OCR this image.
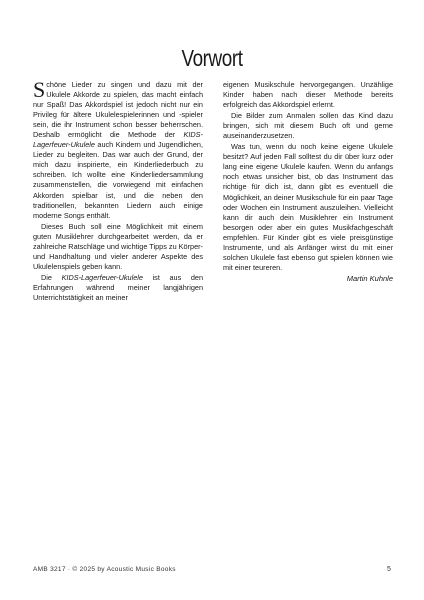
Vorwort

Schöne Lieder zu singen und dazu mit der Ukulele Akkorde zu spielen, das macht einfach nur Spaß! Das Akkordspiel ist jedoch nicht nur ein Privileg für ältere Ukulelespielerinnen und -spieler sein, die ihr Instrument schon besser beherrschen. Deshalb ermöglicht die Methode der KIDS-Lagerfeuer-Ukulele auch Kindern und Jugendlichen, Lieder zu begleiten. Das war auch der Grund, der mich dazu inspirierte, ein Kinderliederbuch zu schreiben. Ich wollte eine Kinderliedersammlung zusammenstellen, die vorwiegend mit einfachen Akkorden spielbar ist, und die neben den traditionellen, bekannten Liedern auch einige moderne Songs enthält.

Dieses Buch soll eine Möglichkeit mit einem guten Musiklehrer durchgearbeitet werden, da er zahlreiche Ratschläge und wichtige Tipps zu Körper- und Handhaltung und vieler anderer Aspekte des Ukulelenspiels geben kann.

Die KIDS-Lagerfeuer-Ukulele ist aus den Erfahrungen während meiner langjährigen Unterrichtstätigkeit an meiner

eigenen Musikschule hervorgegangen. Unzählige Kinder haben nach dieser Methode bereits erfolgreich das Akkordspiel erlernt.

Die Bilder zum Anmalen sollen das Kind dazu bringen, sich mit diesem Buch oft und gerne auseinanderzusetzen.

Was tun, wenn du noch keine eigene Ukulele besitzt? Auf jeden Fall solltest du dir über kurz oder lang eine eigene Ukulele kaufen. Wenn du anfangs noch etwas unsicher bist, ob das Instrument das richtige für dich ist, dann gibt es eventuell die Möglichkeit, an deiner Musikschule für ein paar Tage oder Wochen ein Instrument auszuleihen. Vielleicht kann dir auch dein Musiklehrer ein Instrument besorgen oder aber ein gutes Musikfachgeschäft empfehlen. Für Kinder gibt es viele preisgünstige Instrumente, und als Anfänger wirst du mit einer solchen Ukulele fast ebenso gut spielen können wie mit einer teureren.

Martin Kuhnle

AMB 3217 · © 2025 by Acoustic Music Books	5
